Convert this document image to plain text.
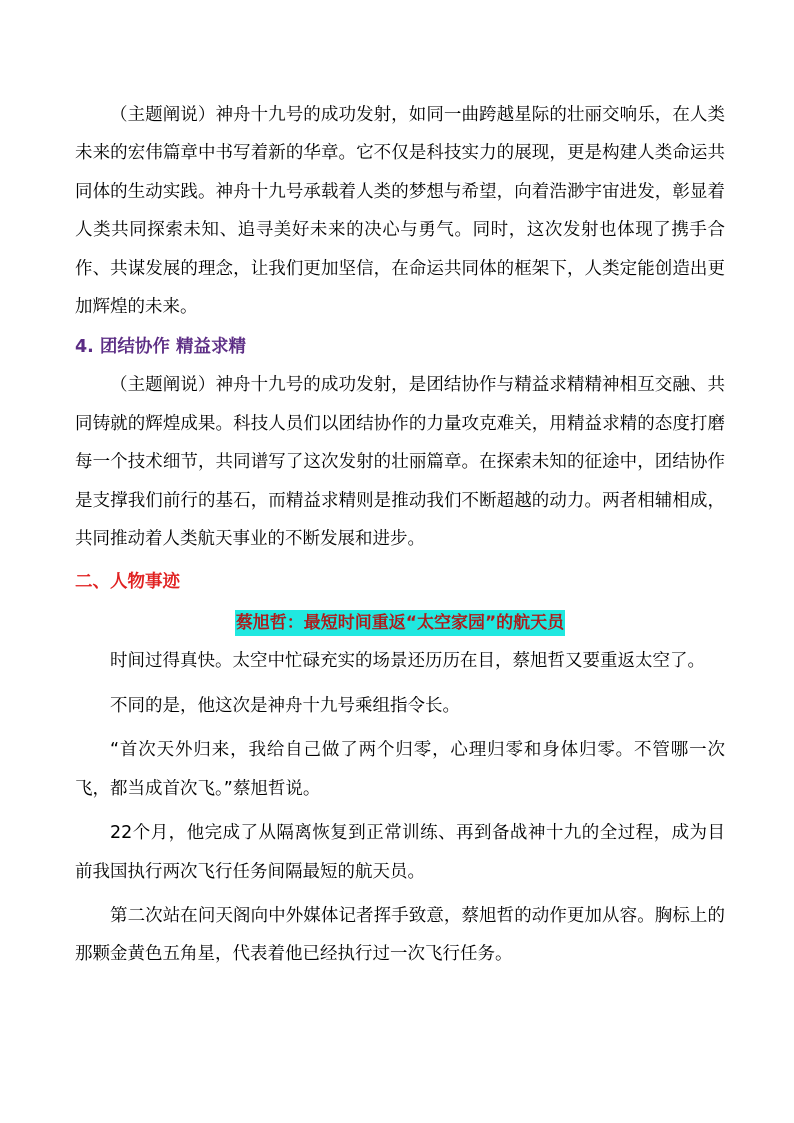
（主题阐说）神舟十九号的成功发射，如同一曲跨越星际的壮丽交响乐，在人类未来的宏伟篇章中书写着新的华章。它不仅是科技实力的展现，更是构建人类命运共同体的生动实践。神舟十九号承载着人类的梦想与希望，向着浩渺宇宙进发，彰显着人类共同探索未知、追寻美好未来的决心与勇气。同时，这次发射也体现了携手合作、共谋发展的理念，让我们更加坚信，在命运共同体的框架下，人类定能创造出更加辉煌的未来。

4. 团结协作 精益求精

（主题阐说）神舟十九号的成功发射，是团结协作与精益求精精神相互交融、共同铸就的辉煌成果。科技人员们以团结协作的力量攻克难关，用精益求精的态度打磨每一个技术细节，共同谱写了这次发射的壮丽篇章。在探索未知的征途中，团结协作是支撑我们前行的基石，而精益求精则是推动我们不断超越的动力。两者相辅相成，共同推动着人类航天事业的不断发展和进步。

二、人物事迹
蔡旭哲：最短时间重返“太空家园”的航天员

时间过得真快。太空中忙碌充实的场景还历历在目，蔡旭哲又要重返太空了。

不同的是，他这次是神舟十九号乘组指令长。

“首次天外归来，我给自己做了两个归零，心理归零和身体归零。不管哪一次飞，都当成首次飞。”蔡旭哲说。

22个月，他完成了从隔离恢复到正常训练、再到备战神十九的全过程，成为目前我国执行两次飞行任务间隔最短的航天员。

第二次站在问天阁向中外媒体记者挥手致意，蔡旭哲的动作更加从容。胸标上的那颗金黄色五角星，代表着他已经执行过一次飞行任务。
